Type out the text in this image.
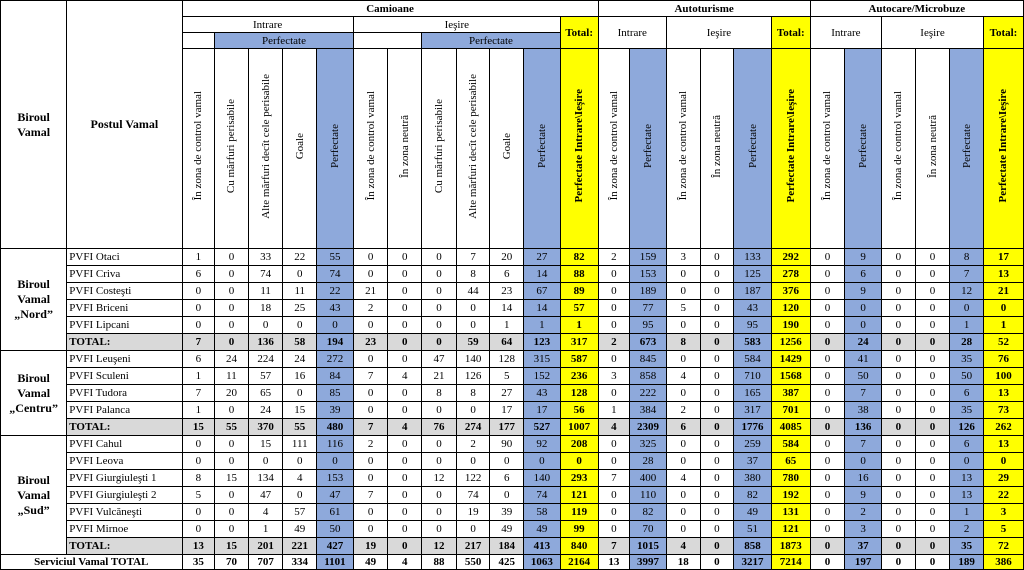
Biroul Vamal	Postul Vamal	Camioane												Autoturisme						Autocare/Microbuze					
		Intrare					Ieşire						Total:	Intrare		Ieşire			Total:	Intrare		Ieşire			Total:
			Perfectate						Perfectate																
		În zona de control vamal	Cu mărfuri perisabile	Alte mărfuri decît cele perisabile	Goale	Perfectate	În zona de control vamal	În zona neutră	Cu mărfuri perisabile	Alte mărfuri decît cele perisabile	Goale	Perfectate	Perfectate Intrare\Ieşire	În zona de control vamal	Perfectate	În zona de control vamal	În zona neutră	Perfectate	Perfectate Intrare\Ieşire	În zona de control vamal	Perfectate	În zona de control vamal	În zona neutră	Perfectate	Perfectate Intrare\Ieşire

Biroul
Vamal
„Nord”	PVFI Otaci	1	0	33	22	55	0	0	0	7	20	27	82	2	159	3	0	133	292	0	9	0	0	8	17
	PVFI Criva	6	0	74	0	74	0	0	0	8	6	14	88	0	153	0	0	125	278	0	6	0	0	7	13
	PVFI Costeşti	0	0	11	11	22	21	0	0	44	23	67	89	0	189	0	0	187	376	0	9	0	0	12	21
	PVFI Briceni	0	0	18	25	43	2	0	0	0	14	14	57	0	77	5	0	43	120	0	0	0	0	0	0
	PVFI Lipcani	0	0	0	0	0	0	0	0	0	1	1	1	0	95	0	0	95	190	0	0	0	0	1	1
	TOTAL:	7	0	136	58	194	23	0	0	59	64	123	317	2	673	8	0	583	1256	0	24	0	0	28	52

Biroul
Vamal
„Centru”	PVFI Leuşeni	6	24	224	24	272	0	0	47	140	128	315	587	0	845	0	0	584	1429	0	41	0	0	35	76
	PVFI Sculeni	1	11	57	16	84	7	4	21	126	5	152	236	3	858	4	0	710	1568	0	50	0	0	50	100
	PVFI Tudora	7	20	65	0	85	0	0	8	8	27	43	128	0	222	0	0	165	387	0	7	0	0	6	13
	PVFI Palanca	1	0	24	15	39	0	0	0	0	17	17	56	1	384	2	0	317	701	0	38	0	0	35	73
	TOTAL:	15	55	370	55	480	7	4	76	274	177	527	1007	4	2309	6	0	1776	4085	0	136	0	0	126	262

Biroul
Vamal
„Sud”	PVFI Cahul	0	0	15	111	116	2	0	0	2	90	92	208	0	325	0	0	259	584	0	7	0	0	6	13
	PVFI Leova	0	0	0	0	0	0	0	0	0	0	0	0	0	28	0	0	37	65	0	0	0	0	0	0
	PVFI Giurgiuleşti 1	8	15	134	4	153	0	0	12	122	6	140	293	7	400	4	0	380	780	0	16	0	0	13	29
	PVFI Giurgiuleşti 2	5	0	47	0	47	7	0	0	74	0	74	121	0	110	0	0	82	192	0	9	0	0	13	22
	PVFI Vulcăneşti	0	0	4	57	61	0	0	0	19	39	58	119	0	82	0	0	49	131	0	2	0	0	1	3
	PVFI Mirnoe	0	0	1	49	50	0	0	0	0	49	49	99	0	70	0	0	51	121	0	3	0	0	2	5
	TOTAL:	13	15	201	221	427	19	0	12	217	184	413	840	7	1015	4	0	858	1873	0	37	0	0	35	72
Serviciul Vamal TOTAL		35	70	707	334	1101	49	4	88	550	425	1063	2164	13	3997	18	0	3217	7214	0	197	0	0	189	386
